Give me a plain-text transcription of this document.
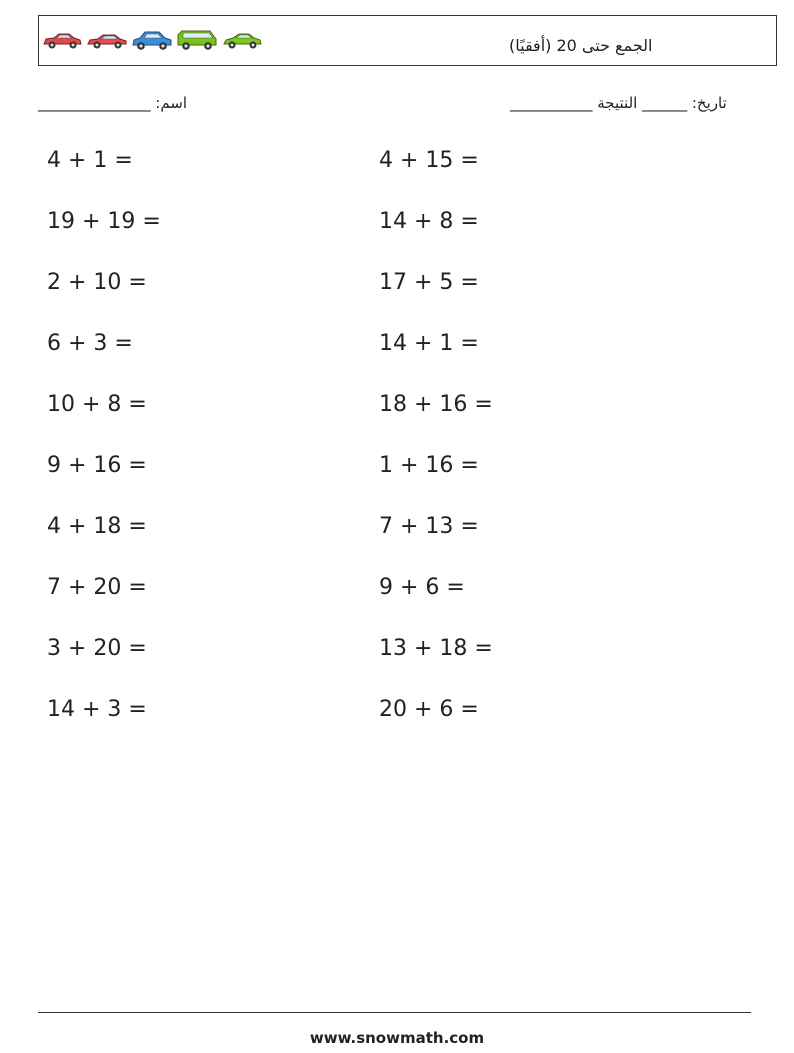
الجمع حتى 20 (أفقيًا)
اسم: _______________	تاريخ: ______ النتيجة ___________
4 + 1 =
19 + 19 =
2 + 10 =
6 + 3 =
10 + 8 =
9 + 16 =
4 + 18 =
7 + 20 =
3 + 20 =
14 + 3 =
4 + 15 =
14 + 8 =
17 + 5 =
14 + 1 =
18 + 16 =
1 + 16 =
7 + 13 =
9 + 6 =
13 + 18 =
20 + 6 =
www.snowmath.com
